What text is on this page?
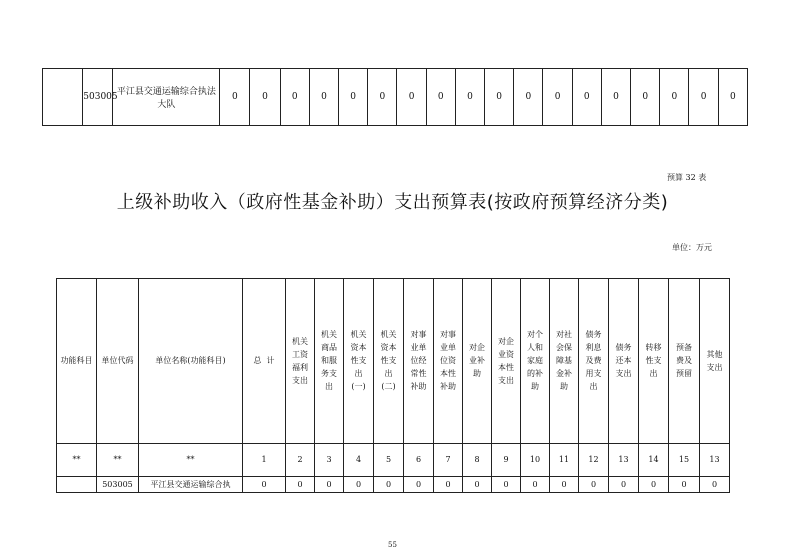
	503005	平江县交通运输综合执法大队	0	0	0	0	0	0	0	0	0	0	0	0	0	0	0	0	0	0
预算 32 表
上级补助收入（政府性基金补助）支出预算表(按政府预算经济分类)
单位：万元
功能科目	单位代码	单位名称(功能科目)	总  计	机关工资福利支出	机关商品和服务支出	机关资本性支出(一)	机关资本性支出(二)	对事业单位经常性补助	对事业单位资本性补助	对企业补助	对企业资本性支出	对个人和家庭的补助	对社会保障基金补助	债务利息及费用支出	债务还本支出	转移性支出	预备费及预留	其他支出
**	**	**	1	2	3	4	5	6	7	8	9	10	11	12	13	14	15	13
	503005	平江县交通运输综合执	0	0	0	0	0	0	0	0	0	0	0	0	0	0	0	0
55
